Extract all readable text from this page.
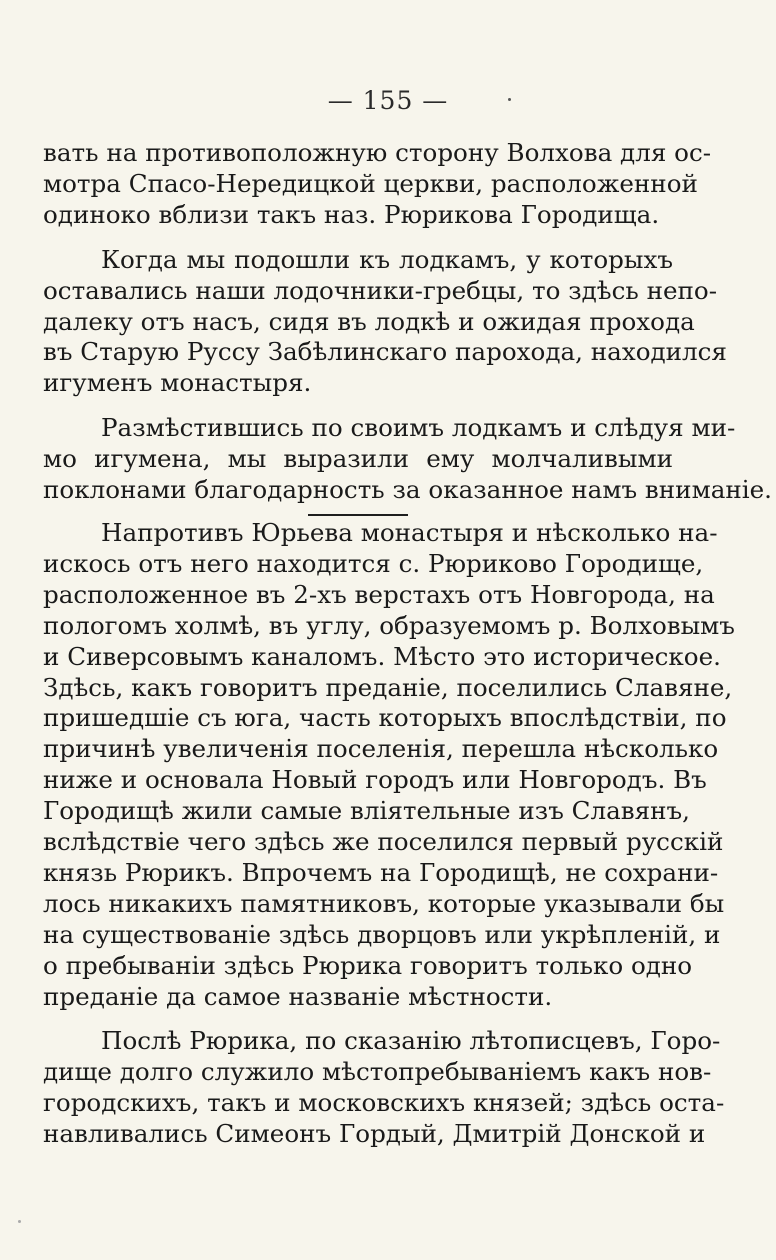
— 155 —
вать на противоположную сторону Волхова для ос-
мотра Спасо-Нередицкой церкви, расположенной
одиноко вблизи такъ наз. Рюрикова Городища.
Когда мы подошли къ лодкамъ, у которыхъ
оставались наши лодочники-гребцы, то здѣсь непо-
далеку отъ насъ, сидя въ лодкѣ и ожидая прохода
въ Старую Руссу Забѣлинскаго парохода, находился
игуменъ монастыря.
Размѣстившись по своимъ лодкамъ и слѣдуя ми-
мо игумена, мы выразили ему молчаливыми
поклонами благодарность за оказанное намъ вниманіе.
Напротивъ Юрьева монастыря и нѣсколько на-
искось отъ него находится с. Рюриково Городище,
расположенное въ 2-хъ верстахъ отъ Новгорода, на
пологомъ холмѣ, въ углу, образуемомъ р. Волховымъ
и Сиверсовымъ каналомъ. Мѣсто это историческое.
Здѣсь, какъ говоритъ преданіе, поселились Славяне,
пришедшіе съ юга, часть которыхъ впослѣдствіи, по
причинѣ увеличенія поселенія, перешла нѣсколько
ниже и основала Новый городъ или Новгородъ. Въ
Городищѣ жили самые вліятельные изъ Славянъ,
вслѣдствіе чего здѣсь же поселился первый русскій
князь Рюрикъ. Впрочемъ на Городищѣ, не сохрани-
лось никакихъ памятниковъ, которые указывали бы
на существованіе здѣсь дворцовъ или укрѣпленій, и
о пребываніи здѣсь Рюрика говоритъ только одно
преданіе да самое названіе мѣстности.
Послѣ Рюрика, по сказанію лѣтописцевъ, Горо-
дище долго служило мѣстопребываніемъ какъ нов-
городскихъ, такъ и московскихъ князей; здѣсь оста-
навливались Симеонъ Гордый, Дмитрій Донской и
